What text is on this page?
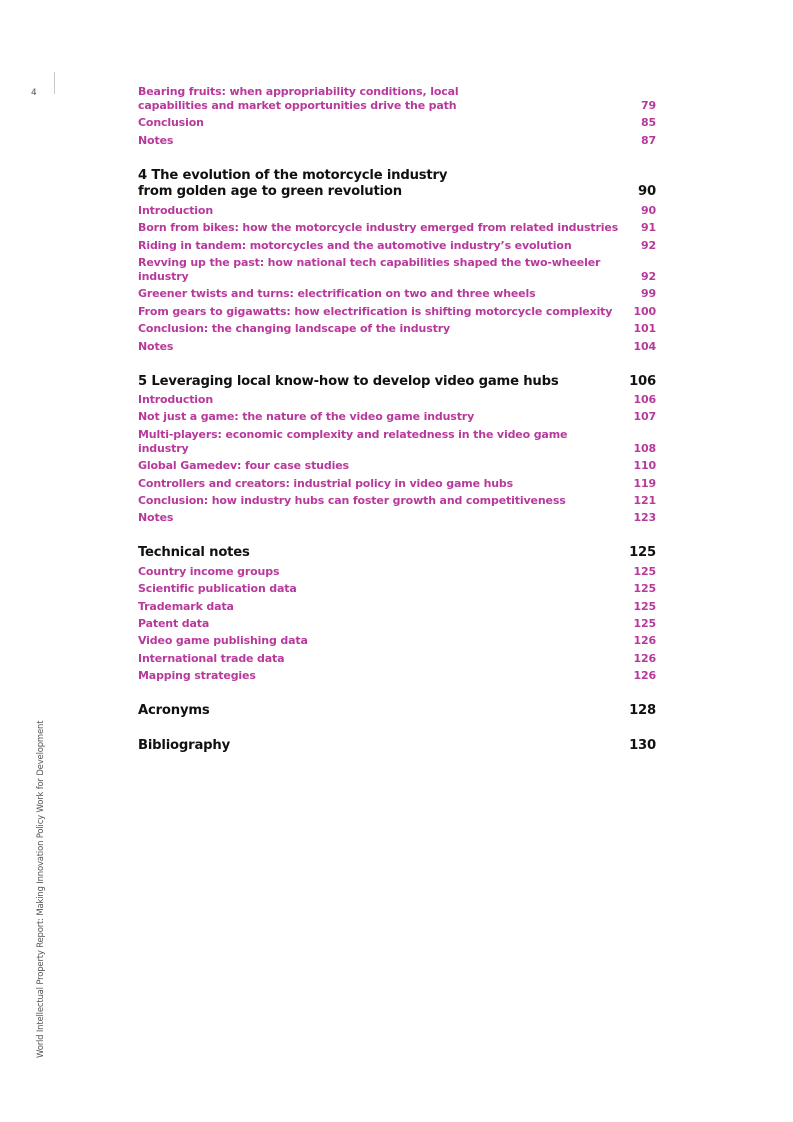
4
World Intellectual Property Report: Making Innovation Policy Work for Development
Bearing fruits: when appropriability conditions, local capabilities and market opportunities drive the path	79
Conclusion	85
Notes	87
4 The evolution of the motorcycle industry from golden age to green revolution	90
Introduction	90
Born from bikes: how the motorcycle industry emerged from related industries	91
Riding in tandem: motorcycles and the automotive industry’s evolution	92
Revving up the past: how national tech capabilities shaped the two-wheeler industry	92
Greener twists and turns: electrification on two and three wheels	99
From gears to gigawatts: how electrification is shifting motorcycle complexity	100
Conclusion: the changing landscape of the industry	101
Notes	104
5 Leveraging local know-how to develop video game hubs	106
Introduction	106
Not just a game: the nature of the video game industry	107
Multi-players: economic complexity and relatedness in the video game industry	108
Global Gamedev: four case studies	110
Controllers and creators: industrial policy in video game hubs	119
Conclusion: how industry hubs can foster growth and competitiveness	121
Notes	123
Technical notes	125
Country income groups	125
Scientific publication data	125
Trademark data	125
Patent data	125
Video game publishing data	126
International trade data	126
Mapping strategies	126
Acronyms	128
Bibliography	130
